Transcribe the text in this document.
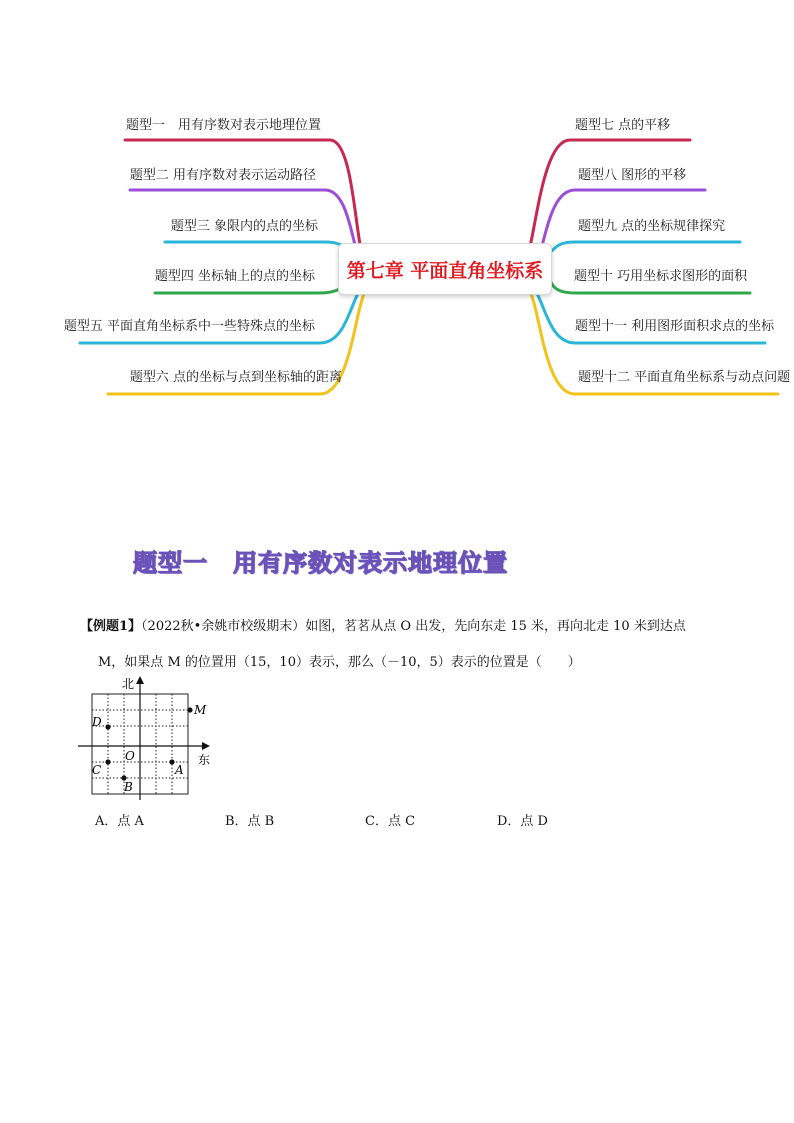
题型一　用有序数对表示地理位置
题型二 用有序数对表示运动路径
题型三 象限内的点的坐标
题型四 坐标轴上的点的坐标
题型五 平面直角坐标系中一些特殊点的坐标
题型六 点的坐标与点到坐标轴的距离
题型七 点的平移
题型八 图形的平移
题型九 点的坐标规律探究
题型十 巧用坐标求图形的面积
题型十一 利用图形面积求点的坐标
题型十二 平面直角坐标系与动点问题
第七章 平面直角坐标系
题型一　用有序数对表示地理位置
【例题1】（2022秋•余姚市校级期末）如图，茗茗从点 O 出发，先向东走 15 米，再向北走 10 米到达点
M，如果点 M 的位置用（15，10）表示，那么（－10，5）表示的位置是（　　）
北
东
O
M
D
C
B
A
A．点 A	B．点 B	C．点 C	D．点 D
